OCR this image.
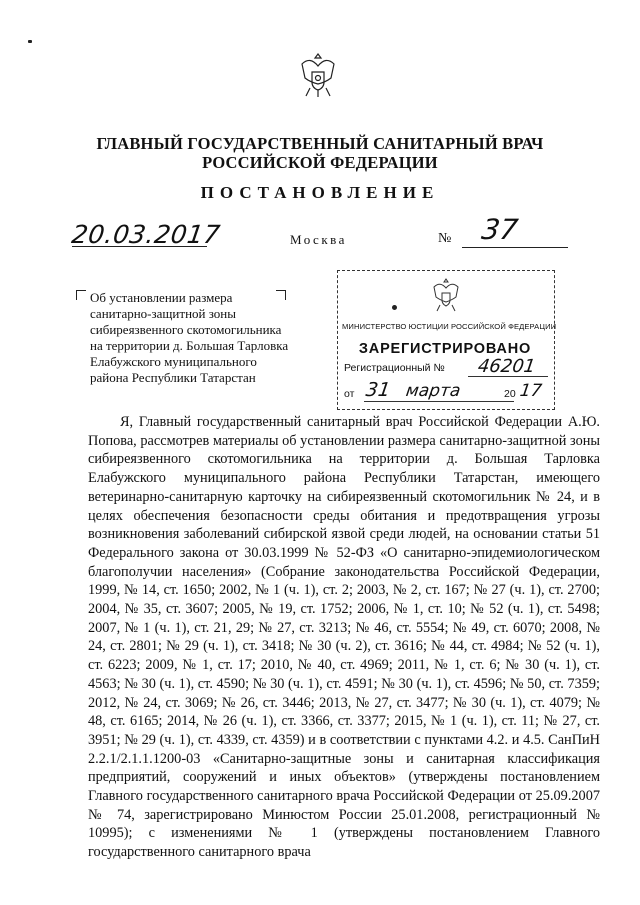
ГЛАВНЫЙ ГОСУДАРСТВЕННЫЙ САНИТАРНЫЙ ВРАЧ
РОССИЙСКОЙ ФЕДЕРАЦИИ
ПОСТАНОВЛЕНИЕ
20.03.2017	Москва	№ 37
Об установлении размера
санитарно-защитной зоны
сибиреязвенного скотомогильника
на территории д. Большая Тарловка
Елабужского муниципального
района Республики Татарстан
МИНИСТЕРСТВО ЮСТИЦИИ РОССИЙСКОЙ ФЕДЕРАЦИИ
ЗАРЕГИСТРИРОВАНО
Регистрационный № 46201
от 31 марта	20 17

Я, Главный государственный санитарный врач Российской Федерации А.Ю. Попова, рассмотрев материалы об установлении размера санитарно-защитной зоны сибиреязвенного скотомогильника на территории д. Большая Тарловка Елабужского муниципального района Республики Татарстан, имеющего ветеринарно-санитарную карточку на сибиреязвенный скотомогильник № 24, и в целях обеспечения безопасности среды обитания и предотвращения угрозы возникновения заболеваний сибирской язвой среди людей, на основании статьи 51 Федерального закона от 30.03.1999 № 52-ФЗ «О санитарно-эпидемиологическом благополучии населения» (Собрание законодательства Российской Федерации, 1999, № 14, ст. 1650; 2002, № 1 (ч. 1), ст. 2; 2003, № 2, ст. 167; № 27 (ч. 1), ст. 2700; 2004, № 35, ст. 3607; 2005, № 19, ст. 1752; 2006, № 1, ст. 10; № 52 (ч. 1), ст. 5498; 2007, № 1 (ч. 1), ст. 21, 29; № 27, ст. 3213; № 46, ст. 5554; № 49, ст. 6070; 2008, № 24, ст. 2801; № 29 (ч. 1), ст. 3418; № 30 (ч. 2), ст. 3616; № 44, ст. 4984; № 52 (ч. 1), ст. 6223; 2009, № 1, ст. 17; 2010, № 40, ст. 4969; 2011, № 1, ст. 6; № 30 (ч. 1), ст. 4563; № 30 (ч. 1), ст. 4590; № 30 (ч. 1), ст. 4591; № 30 (ч. 1), ст. 4596; № 50, ст. 7359; 2012, № 24, ст. 3069; № 26, ст. 3446; 2013, № 27, ст. 3477; № 30 (ч. 1), ст. 4079; № 48, ст. 6165; 2014, № 26 (ч. 1), ст. 3366, ст. 3377; 2015, № 1 (ч. 1), ст. 11; № 27, ст. 3951; № 29 (ч. 1), ст. 4339, ст. 4359) и в соответствии с пунктами 4.2. и 4.5. СанПиН 2.2.1/2.1.1.1200-03 «Санитарно-защитные зоны и санитарная классификация предприятий, сооружений и иных объектов» (утверждены постановлением Главного государственного санитарного врача Российской Федерации от 25.09.2007 № 74, зарегистрировано Минюстом России 25.01.2008, регистрационный № 10995); с изменениями № 1 (утверждены постановлением Главного государственного санитарного врача
